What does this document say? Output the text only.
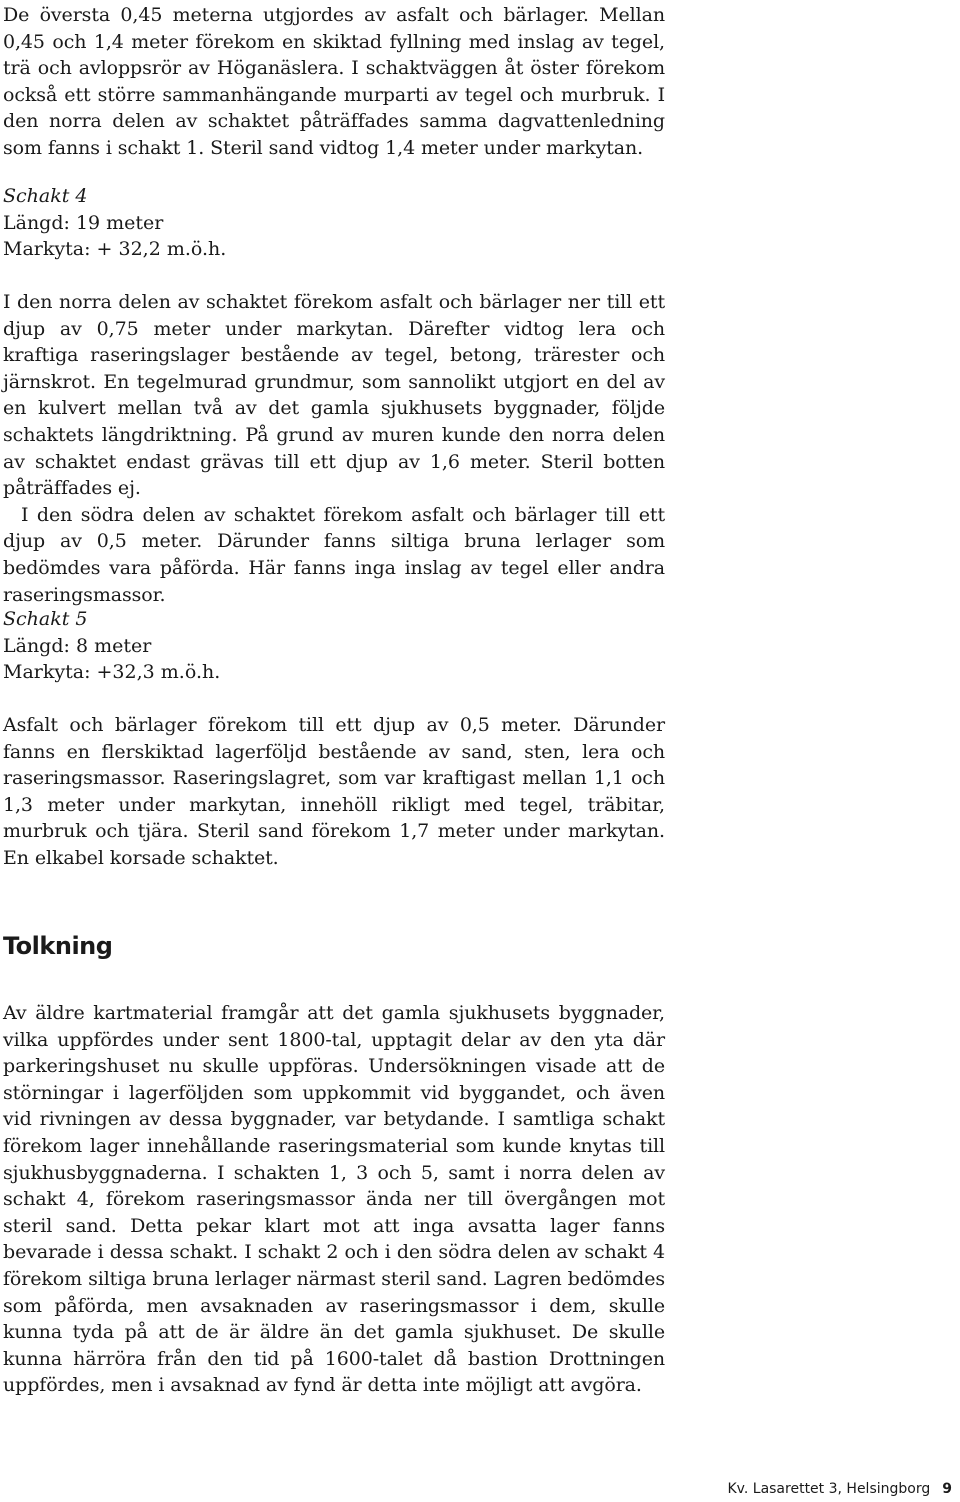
De översta 0,45 meterna utgjordes av asfalt och bärlager. Mellan 0,45 och 1,4 meter förekom en skiktad fyllning med inslag av tegel, trä och avloppsrör av Höganäslera. I schaktväggen åt öster förekom också ett större sammanhängande murparti av tegel och murbruk. I den norra delen av schaktet påträffades samma dagvattenledning som fanns i schakt 1. Steril sand vidtog 1,4 meter under markytan.

Schakt 4
Längd: 19 meter
Markyta: + 32,2 m.ö.h.

I den norra delen av schaktet förekom asfalt och bärlager ner till ett djup av 0,75 meter under markytan. Därefter vidtog lera och kraftiga raseringslager bestående av tegel, betong, trärester och järnskrot. En tegelmurad grundmur, som sannolikt utgjort en del av en kulvert mellan två av det gamla sjukhusets byggnader, följde schaktets längdriktning. På grund av muren kunde den norra delen av schaktet endast grävas till ett djup av 1,6 meter. Steril botten påträffades ej.

I den södra delen av schaktet förekom asfalt och bärlager till ett djup av 0,5 meter. Därunder fanns siltiga bruna lerlager som bedömdes vara påförda. Här fanns inga inslag av tegel eller andra raseringsmassor.

Schakt 5
Längd: 8 meter
Markyta: +32,3 m.ö.h.

Asfalt och bärlager förekom till ett djup av 0,5 meter. Därunder fanns en flerskiktad lagerföljd bestående av sand, sten, lera och raseringsmassor. Raseringslagret, som var kraftigast mellan 1,1 och 1,3 meter under markytan, innehöll rikligt med tegel, träbitar, murbruk och tjära. Steril sand förekom 1,7 meter under markytan. En elkabel korsade schaktet.

Tolkning

Av äldre kartmaterial framgår att det gamla sjukhusets byggnader, vilka uppfördes under sent 1800-tal, upptagit delar av den yta där parkeringshuset nu skulle uppföras. Undersökningen visade att de störningar i lagerföljden som uppkommit vid byggandet, och även vid rivningen av dessa byggnader, var betydande. I samtliga schakt förekom lager innehållande raseringsmaterial som kunde knytas till sjukhusbyggnaderna. I schakten 1, 3 och 5, samt i norra delen av schakt 4, förekom raseringsmassor ända ner till övergången mot steril sand. Detta pekar klart mot att inga avsatta lager fanns bevarade i dessa schakt. I schakt 2 och i den södra delen av schakt 4 förekom siltiga bruna lerlager närmast steril sand. Lagren bedömdes som påförda, men avsaknaden av raseringsmassor i dem, skulle kunna tyda på att de är äldre än det gamla sjukhuset. De skulle kunna härröra från den tid på 1600-talet då bastion Drottningen uppfördes, men i avsaknad av fynd är detta inte möjligt att avgöra.

Kv. Lasarettet 3, Helsingborg 9
